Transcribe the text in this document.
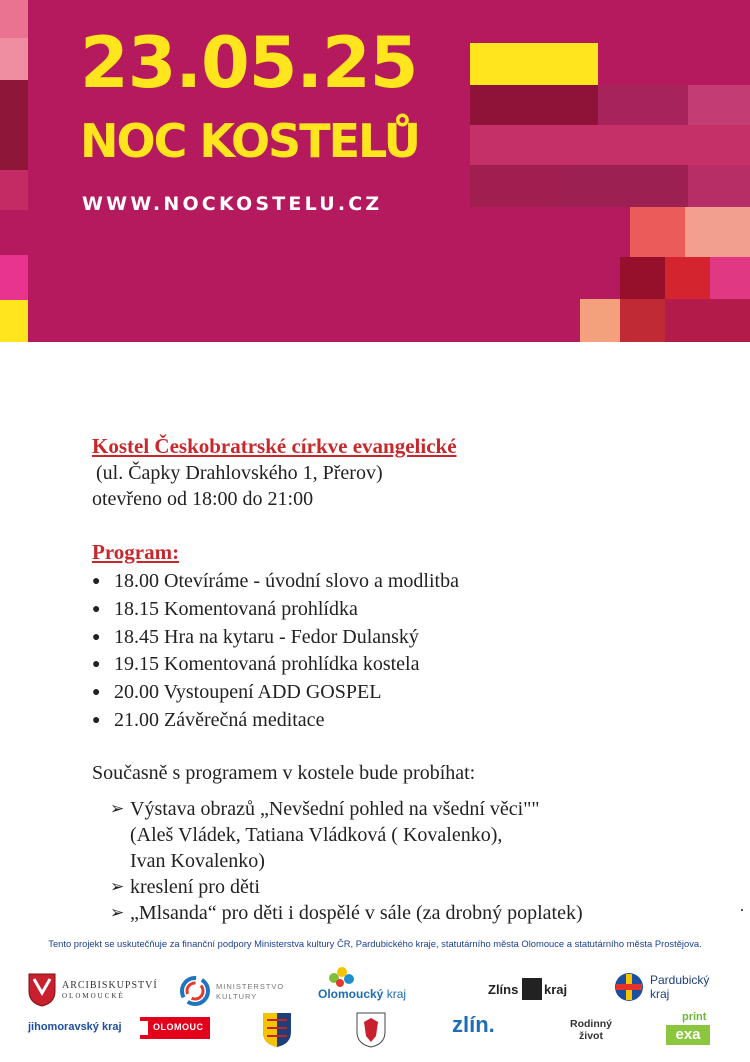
23.05.25
NOC KOSTELŮ
WWW.NOCKOSTELU.CZ
Kostel Českobratrské církve evangelické
(ul. Čapky Drahlovského 1, Přerov)
otevřeno od 18:00 do 21:00
Program:
● 18.00 Otevíráme - úvodní slovo a modlitba
● 18.15 Komentovaná prohlídka
● 18.45 Hra na kytaru - Fedor Dulanský
● 19.15 Komentovaná prohlídka kostela
● 20.00 Vystoupení ADD GOSPEL
● 21.00 Závěrečná meditace
Současně s programem v kostele bude probíhat:
➢ Výstava obrazů „Nevšední pohled na všední věci""
(Aleš Vládek, Tatiana Vládková ( Kovalenko),
Ivan Kovalenko)
➢ kreslení pro děti
➢ „Mlsanda“ pro děti i dospělé v sále (za drobný poplatek)
Tento projekt se uskutečňuje za finanční podpory Ministerstva kultury ČR, Pardubického kraje, statutárního města Olomouce a statutárního města Prostějova.
ARCIBISKUPSTVÍ
OLOMOUCKÉ
MINISTERSTVO
KULTURY	Olomoucký kraj	Zlíns kraj
Pardubický
kraj
jihomoravský kraj	OLOMOUC	zlín.	Rodinný
život
print
exa
